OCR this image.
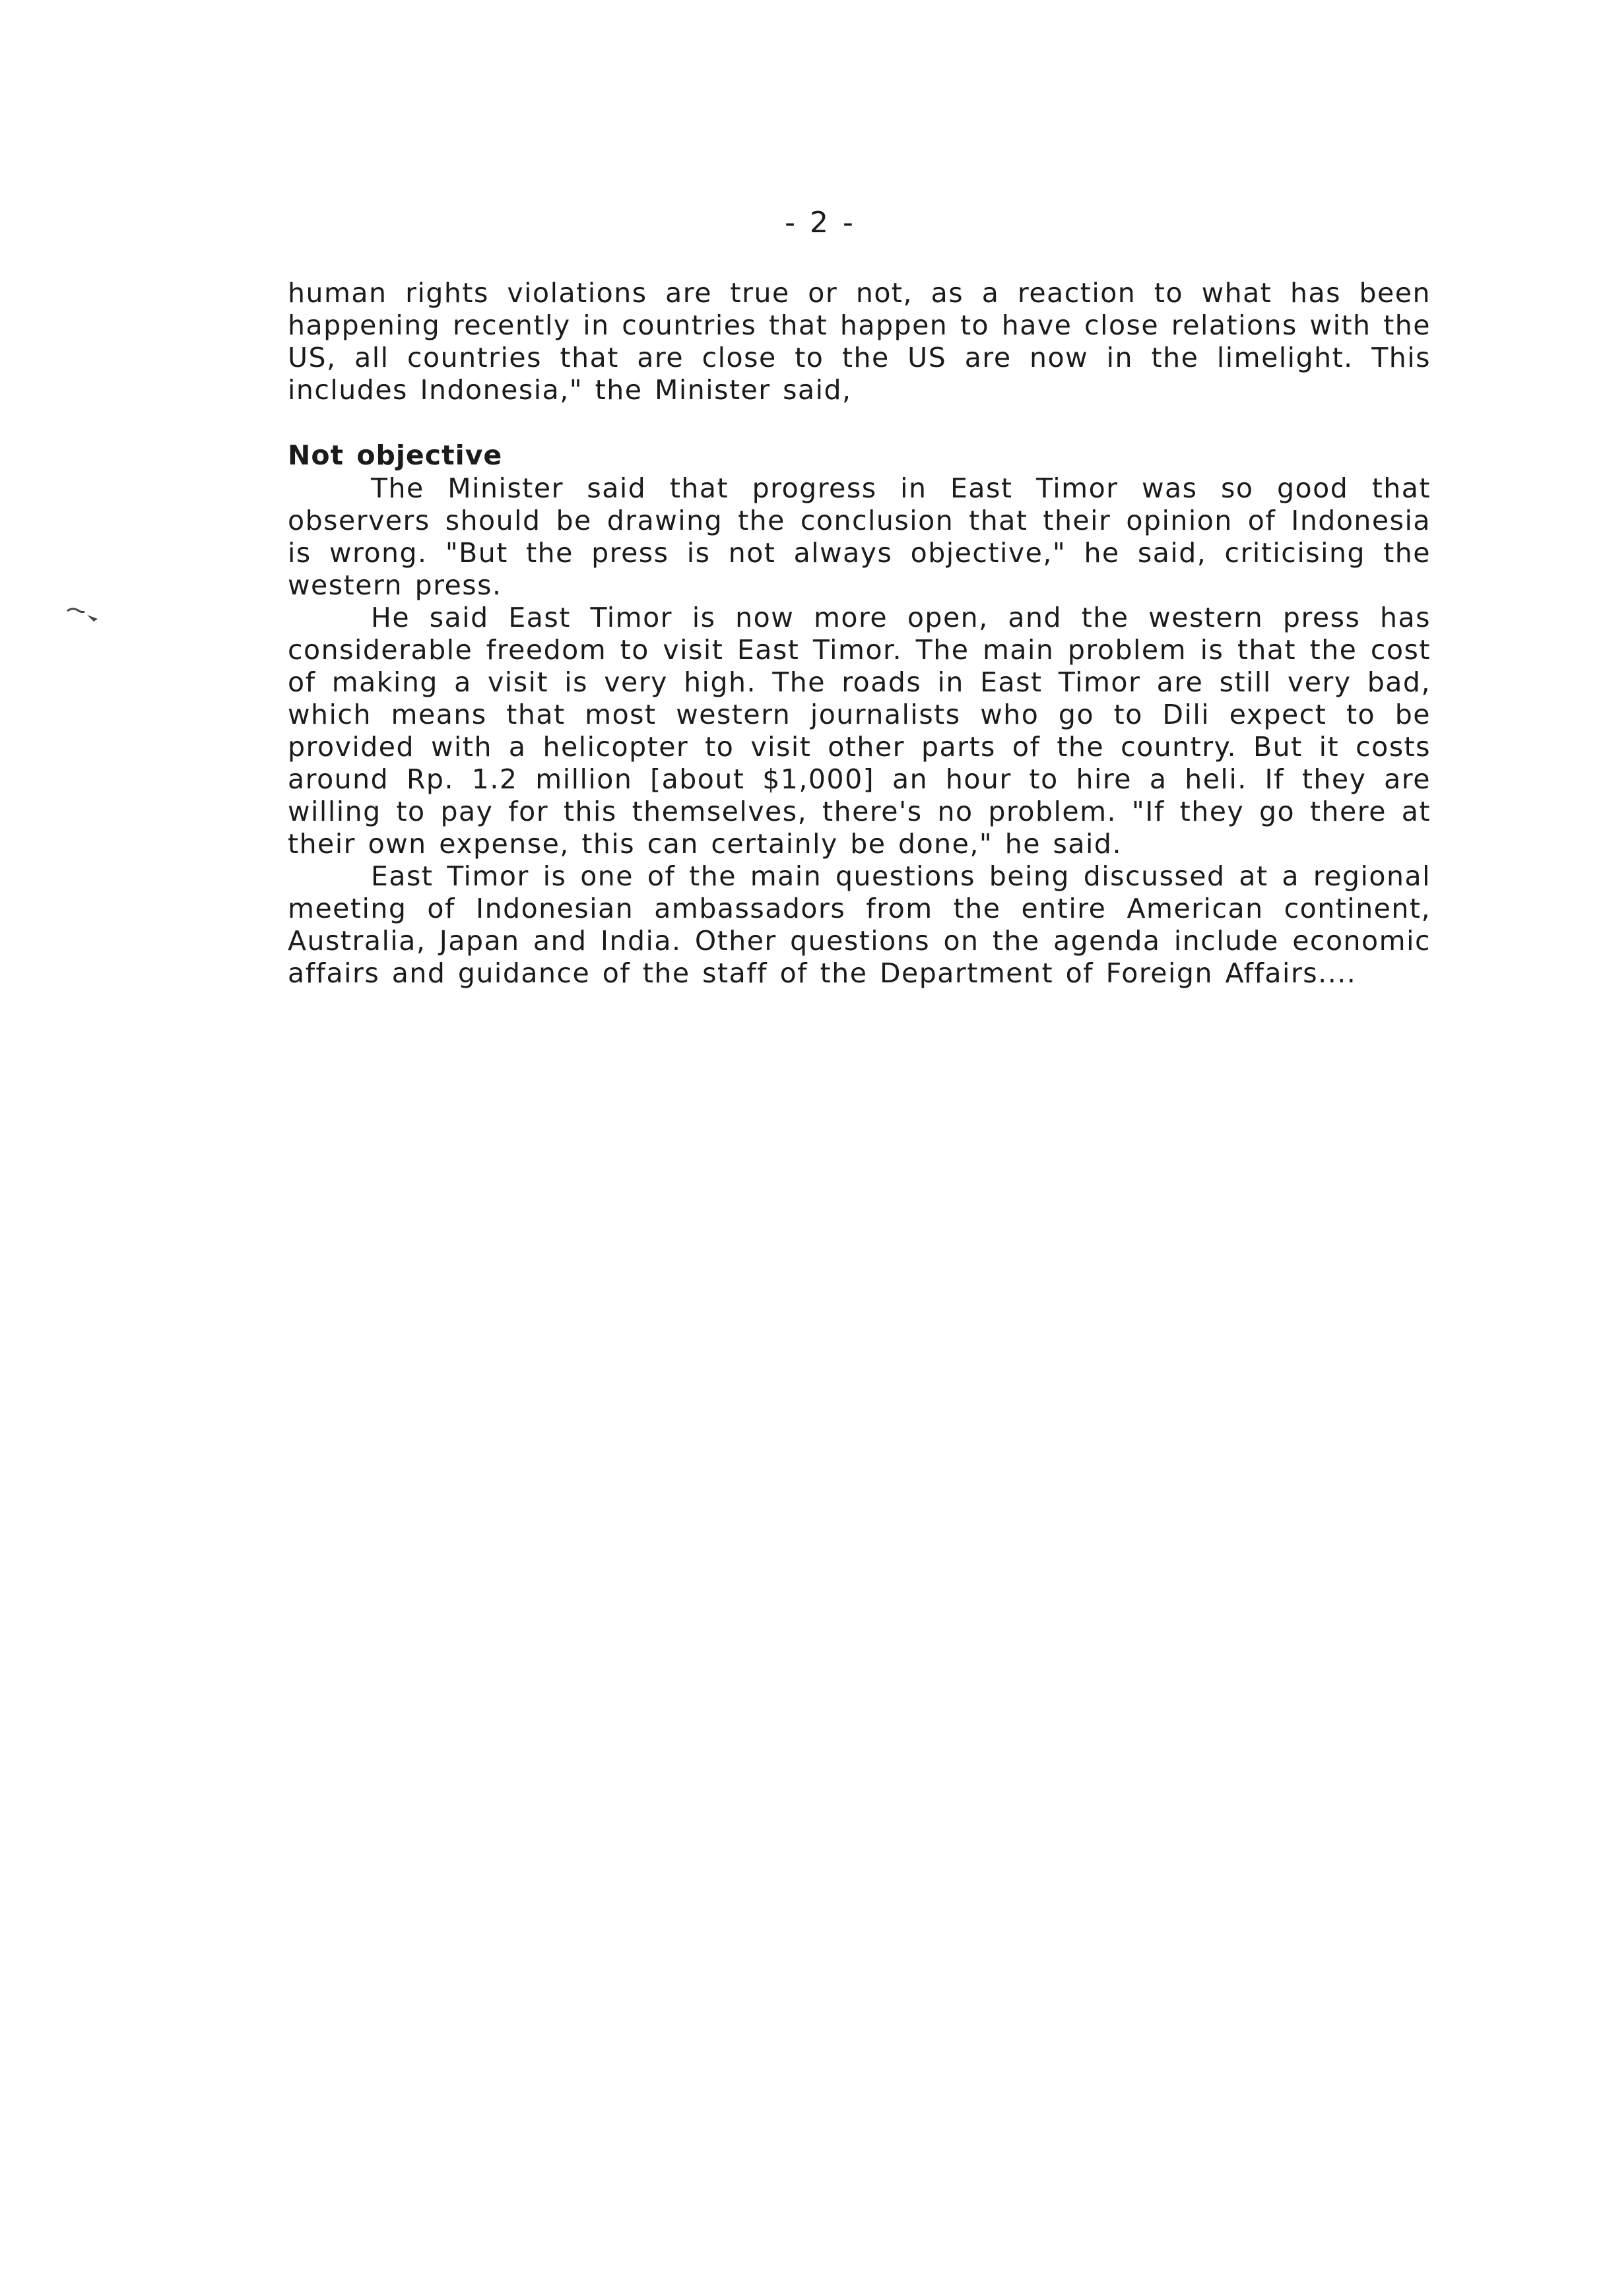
- 2 -

human rights violations are true or not, as a reaction to what has been happening recently in countries that happen to have close relations with the US, all countries that are close to the US are now in the limelight. This includes Indonesia," the Minister said,

Not objective

The Minister said that progress in East Timor was so good that observers should be drawing the conclusion that their opinion of Indonesia is wrong. "But the press is not always objective," he said, criticising the western press.

He said East Timor is now more open, and the western press has considerable freedom to visit East Timor. The main problem is that the cost of making a visit is very high. The roads in East Timor are still very bad, which means that most western journalists who go to Dili expect to be provided with a helicopter to visit other parts of the country. But it costs around Rp. 1.2 million [about $1,000] an hour to hire a heli. If they are willing to pay for this themselves, there's no problem. "If they go there at their own expense, this can certainly be done," he said.

East Timor is one of the main questions being discussed at a regional meeting of Indonesian ambassadors from the entire American continent, Australia, Japan and India. Other questions on the agenda include economic affairs and guidance of the staff of the Department of Foreign Affairs....
